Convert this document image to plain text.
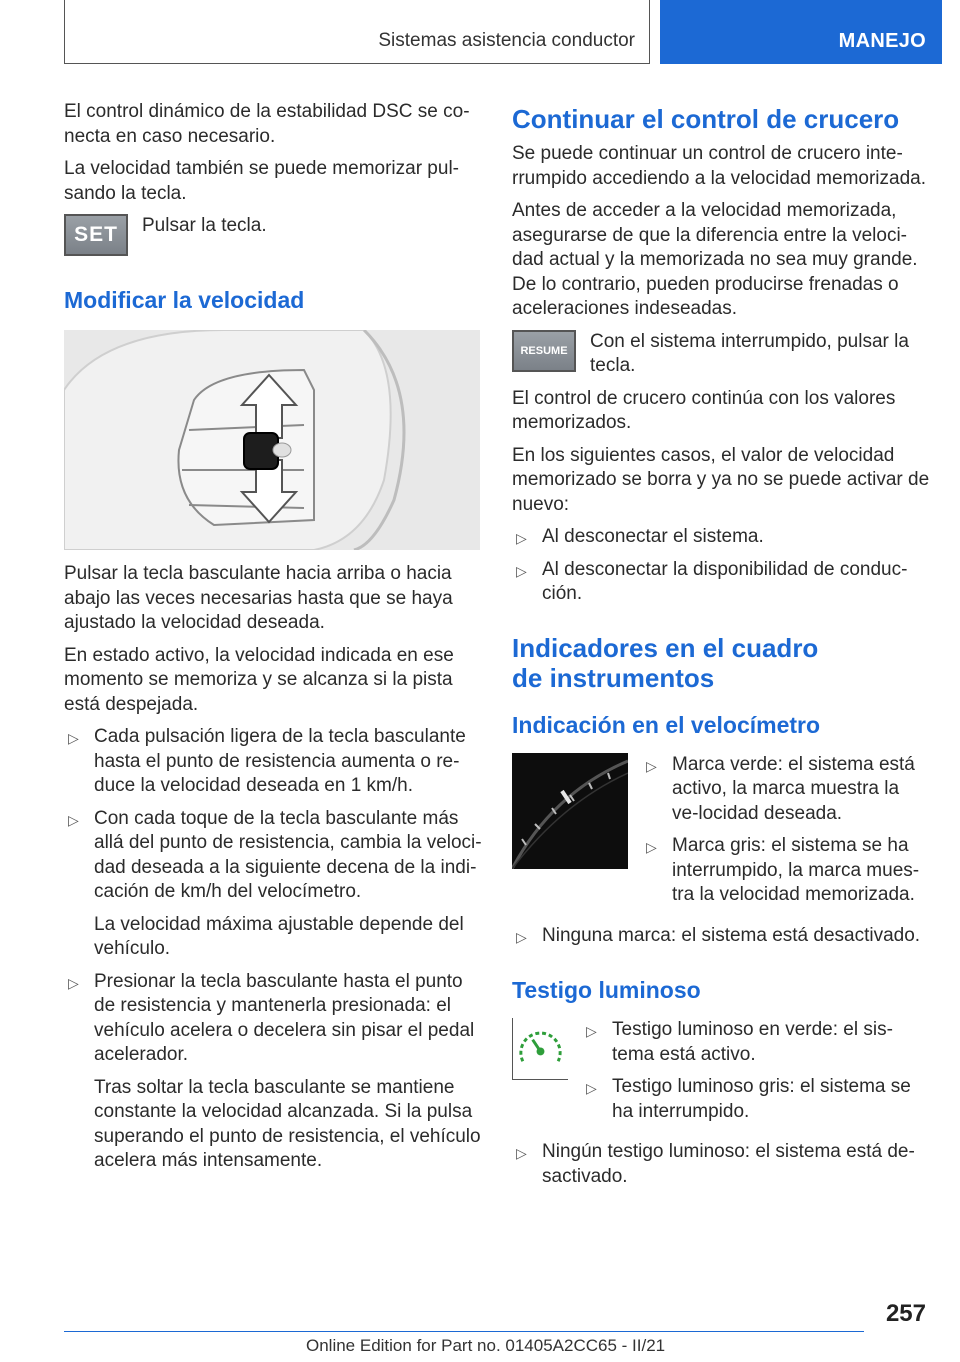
Sistemas asistencia conductor	MANEJO

El control dinámico de la estabilidad DSC se co-necta en caso necesario.

La velocidad también se puede memorizar pul-sando la tecla.

SET Pulsar la tecla.

Modificar la velocidad

Pulsar la tecla basculante hacia arriba o hacia abajo las veces necesarias hasta que se haya ajustado la velocidad deseada.

En estado activo, la velocidad indicada en ese momento se memoriza y se alcanza si la pista está despejada.

▷ Cada pulsación ligera de la tecla basculante hasta el punto de resistencia aumenta o re-duce la velocidad deseada en 1 km/h.
▷ Con cada toque de la tecla basculante más allá del punto de resistencia, cambia la veloci-dad deseada a la siguiente decena de la indi-cación de km/h del velocímetro.

La velocidad máxima ajustable depende del vehículo.

▷ Presionar la tecla basculante hasta el punto de resistencia y mantenerla presionada: el vehículo acelera o decelera sin pisar el pedal acelerador.

Tras soltar la tecla basculante se mantiene constante la velocidad alcanzada. Si la pulsa superando el punto de resistencia, el vehículo acelera más intensamente.

Continuar el control de crucero

Se puede continuar un control de crucero inte-rrumpido accediendo a la velocidad memorizada.

Antes de acceder a la velocidad memorizada, asegurarse de que la diferencia entre la veloci-dad actual y la memorizada no sea muy grande. De lo contrario, pueden producirse frenadas o aceleraciones indeseadas.

RESUME Con el sistema interrumpido, pulsar la tecla.

El control de crucero continúa con los valores memorizados.

En los siguientes casos, el valor de velocidad memorizado se borra y ya no se puede activar de nuevo:

▷ Al desconectar el sistema.
▷ Al desconectar la disponibilidad de conduc-ción.
Indicadores en el cuadro
de instrumentos
Indicación en el velocímetro
▷ Marca verde: el sistema está activo, la marca muestra la ve-locidad deseada.
▷ Marca gris: el sistema se ha interrumpido, la marca mues-tra la velocidad memorizada.
▷ Ninguna marca: el sistema está desactivado.
Testigo luminoso
▷ Testigo luminoso en verde: el sis-tema está activo.
▷ Testigo luminoso gris: el sistema se ha interrumpido.
▷ Ningún testigo luminoso: el sistema está de-sactivado.
257
Online Edition for Part no. 01405A2CC65 - II/21
